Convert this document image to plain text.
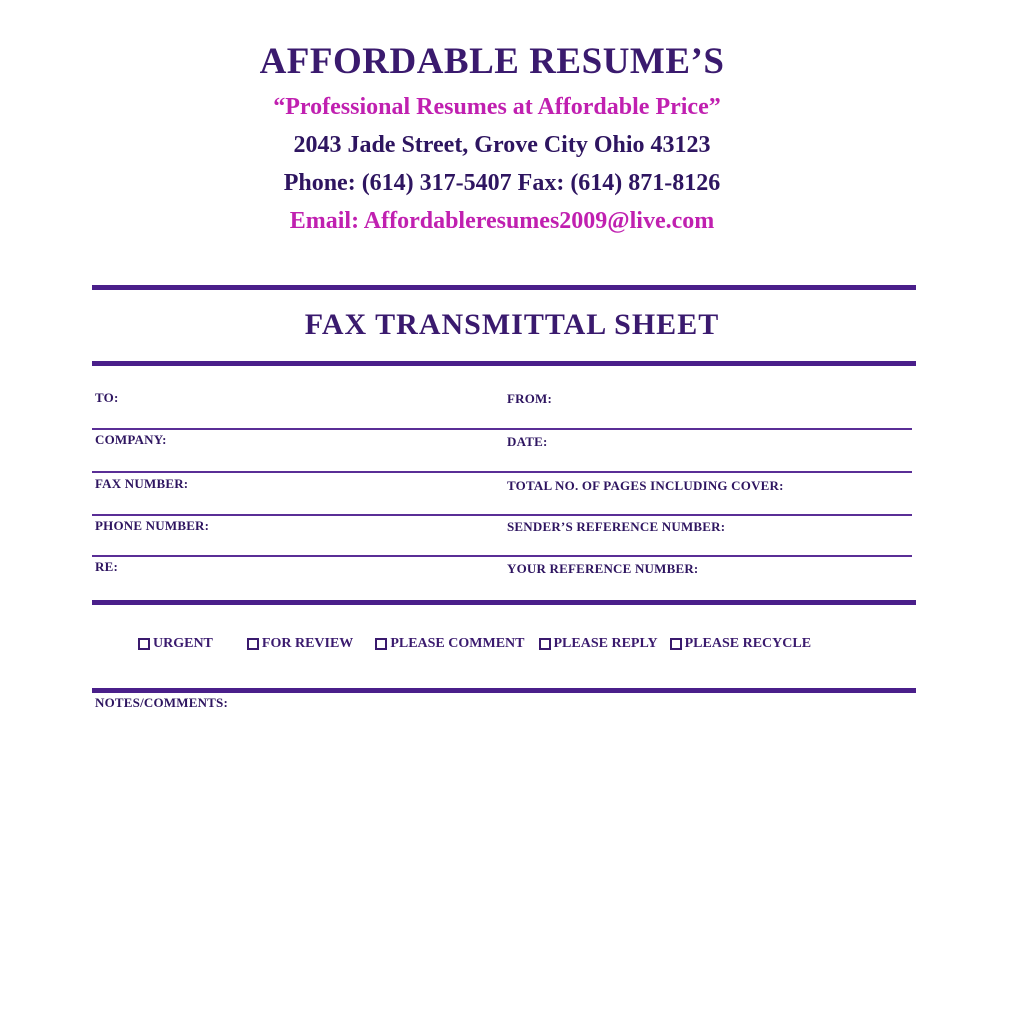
AFFORDABLE RESUME’S
“Professional Resumes at Affordable Price”
2043 Jade Street, Grove City Ohio 43123
Phone: (614) 317-5407 Fax: (614) 871-8126
Email: Affordableresumes2009@live.com
FAX TRANSMITTAL SHEET
TO:	FROM:
COMPANY:	DATE:
FAX NUMBER:	TOTAL NO. OF PAGES INCLUDING COVER:
PHONE NUMBER:	SENDER’S REFERENCE NUMBER:
RE:	YOUR REFERENCE NUMBER:
URGENT	FOR REVIEW	PLEASE COMMENT PLEASE REPLY PLEASE RECYCLE
NOTES/COMMENTS:
